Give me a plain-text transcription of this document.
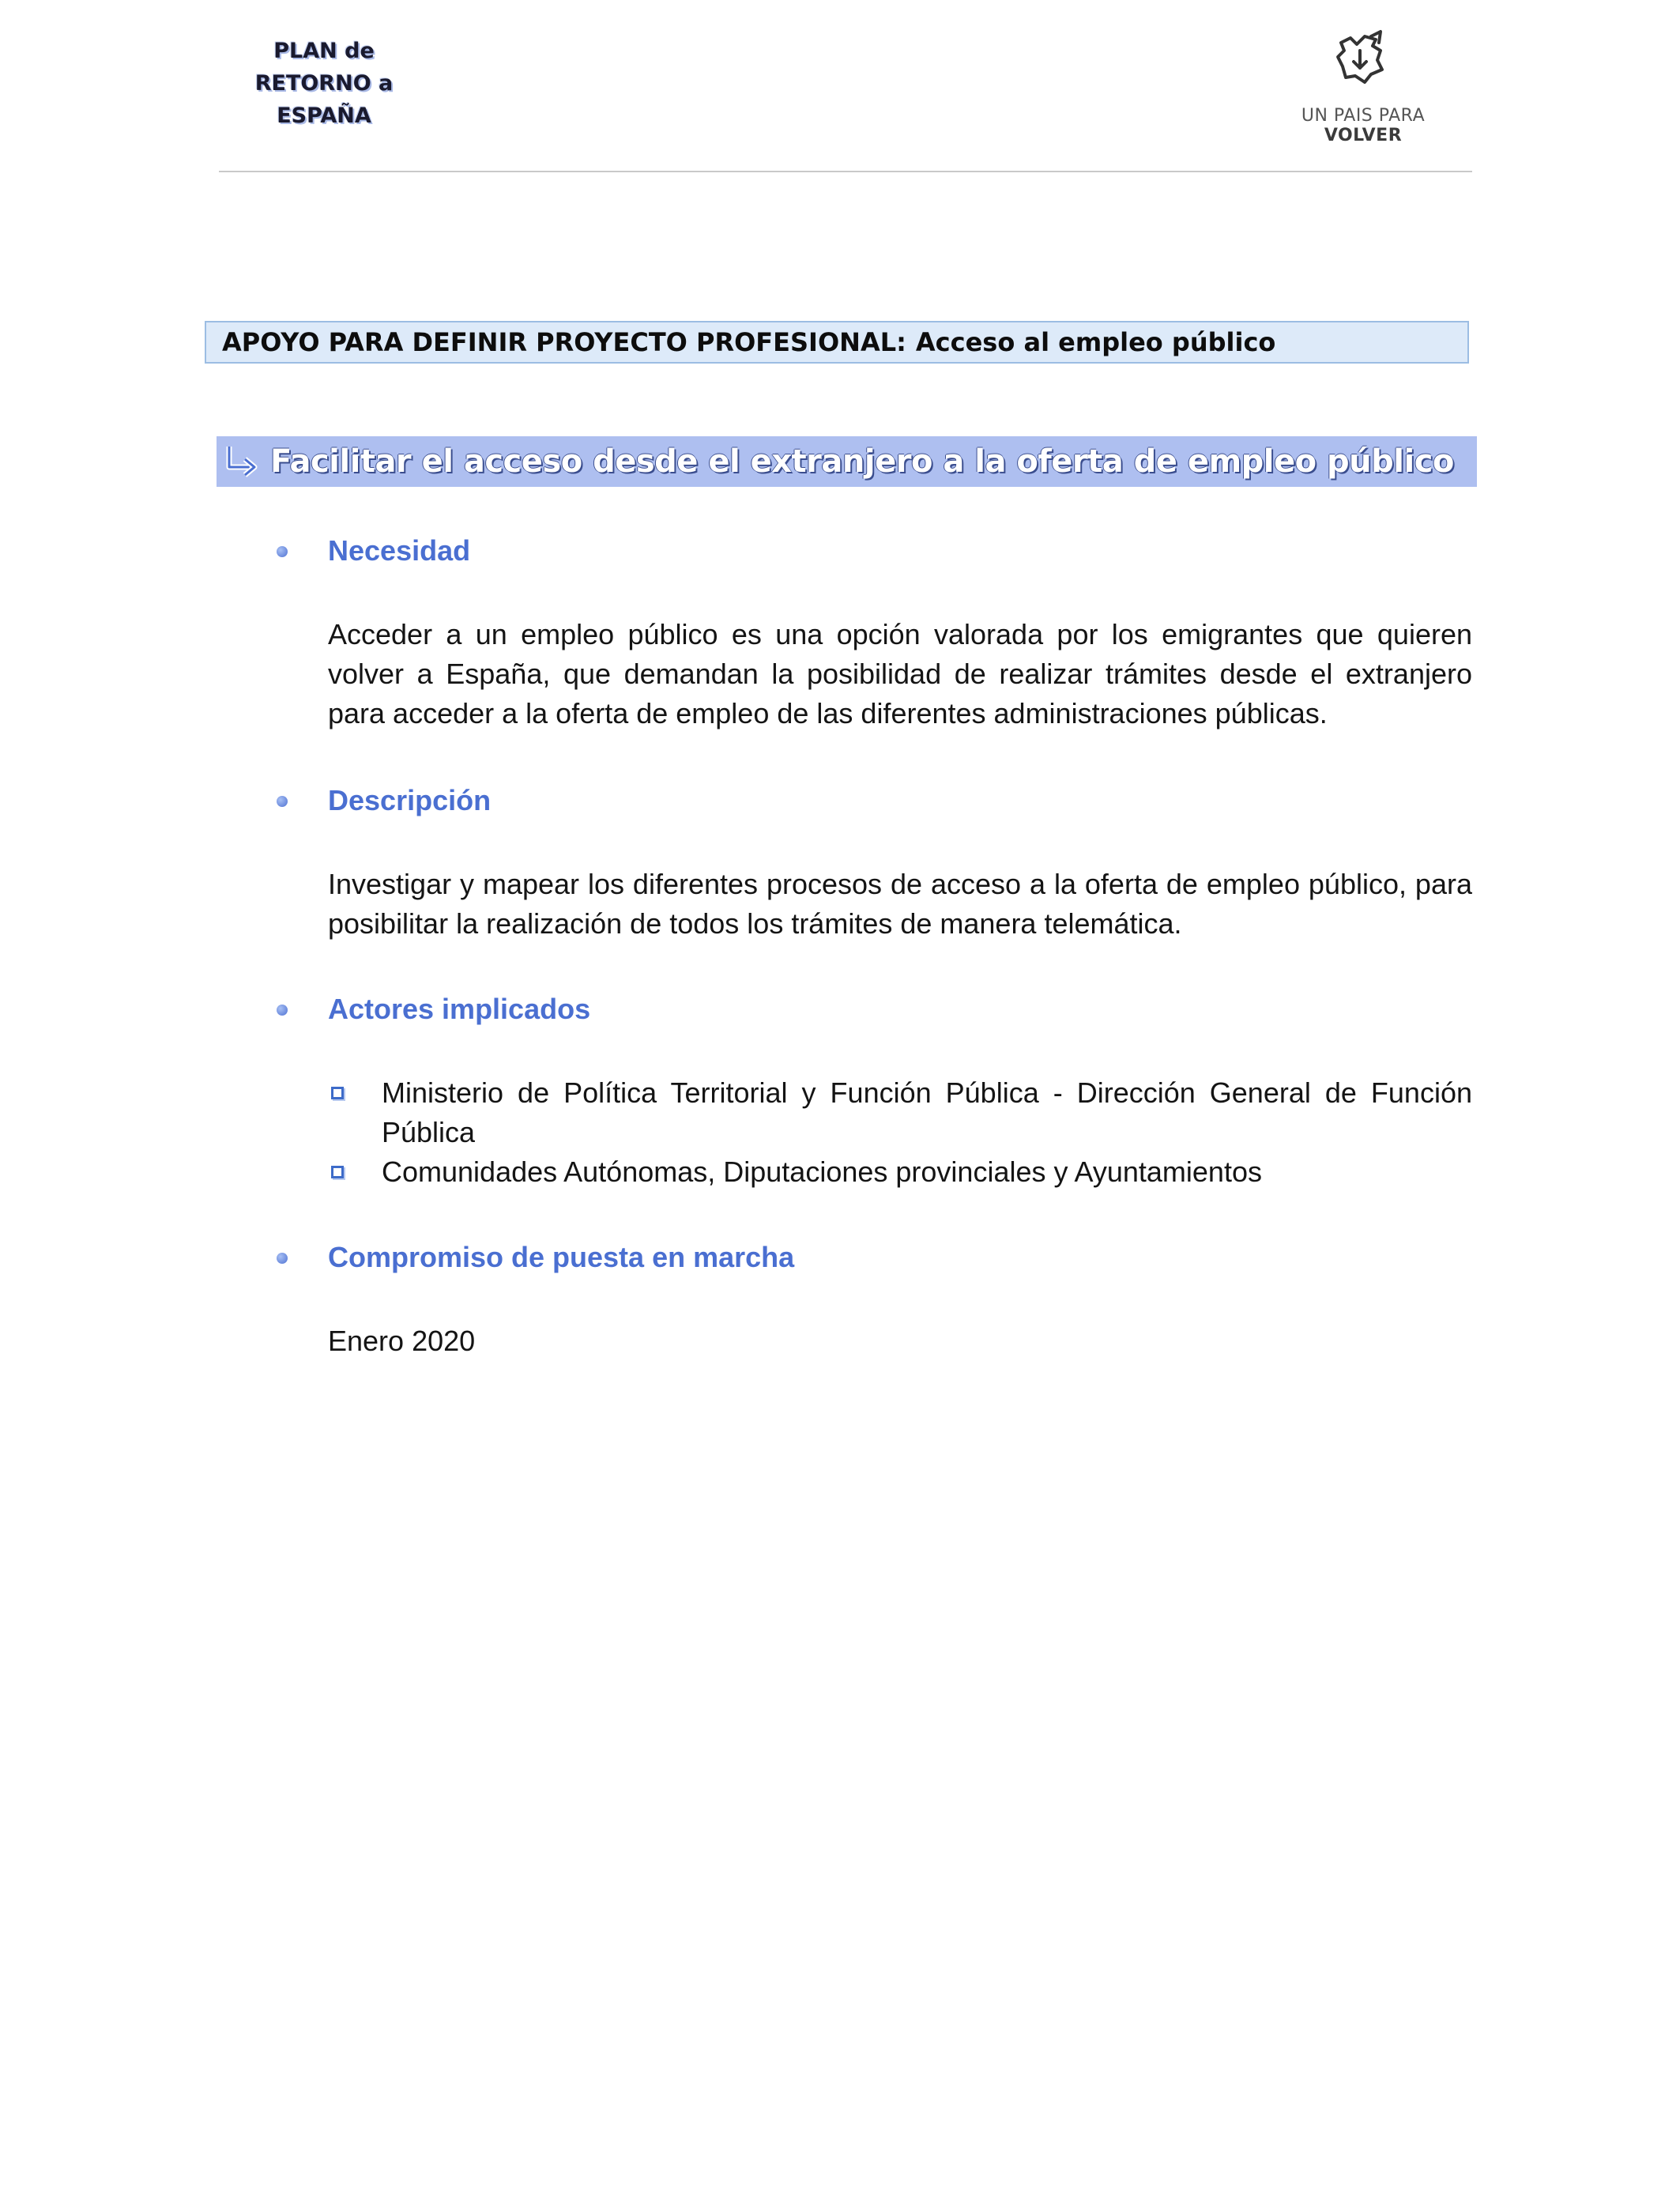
PLAN de
RETORNO a
ESPAÑA	UN PAIS PARA VOLVER
APOYO PARA DEFINIR PROYECTO PROFESIONAL: Acceso al empleo público
Facilitar el acceso desde el extranjero a la oferta de empleo público
Necesidad
Acceder a un empleo público es una opción valorada por los emigrantes que quieren volver a España, que demandan la posibilidad de realizar trámites desde el extranjero para acceder a la oferta de empleo de las diferentes administraciones públicas.
Descripción
Investigar y mapear los diferentes procesos de acceso a la oferta de empleo público, para posibilitar la realización de todos los trámites de manera telemática.
Actores implicados
Ministerio de Política Territorial y Función Pública - Dirección General de Función Pública
Comunidades Autónomas, Diputaciones provinciales y Ayuntamientos
Compromiso de puesta en marcha
Enero 2020
